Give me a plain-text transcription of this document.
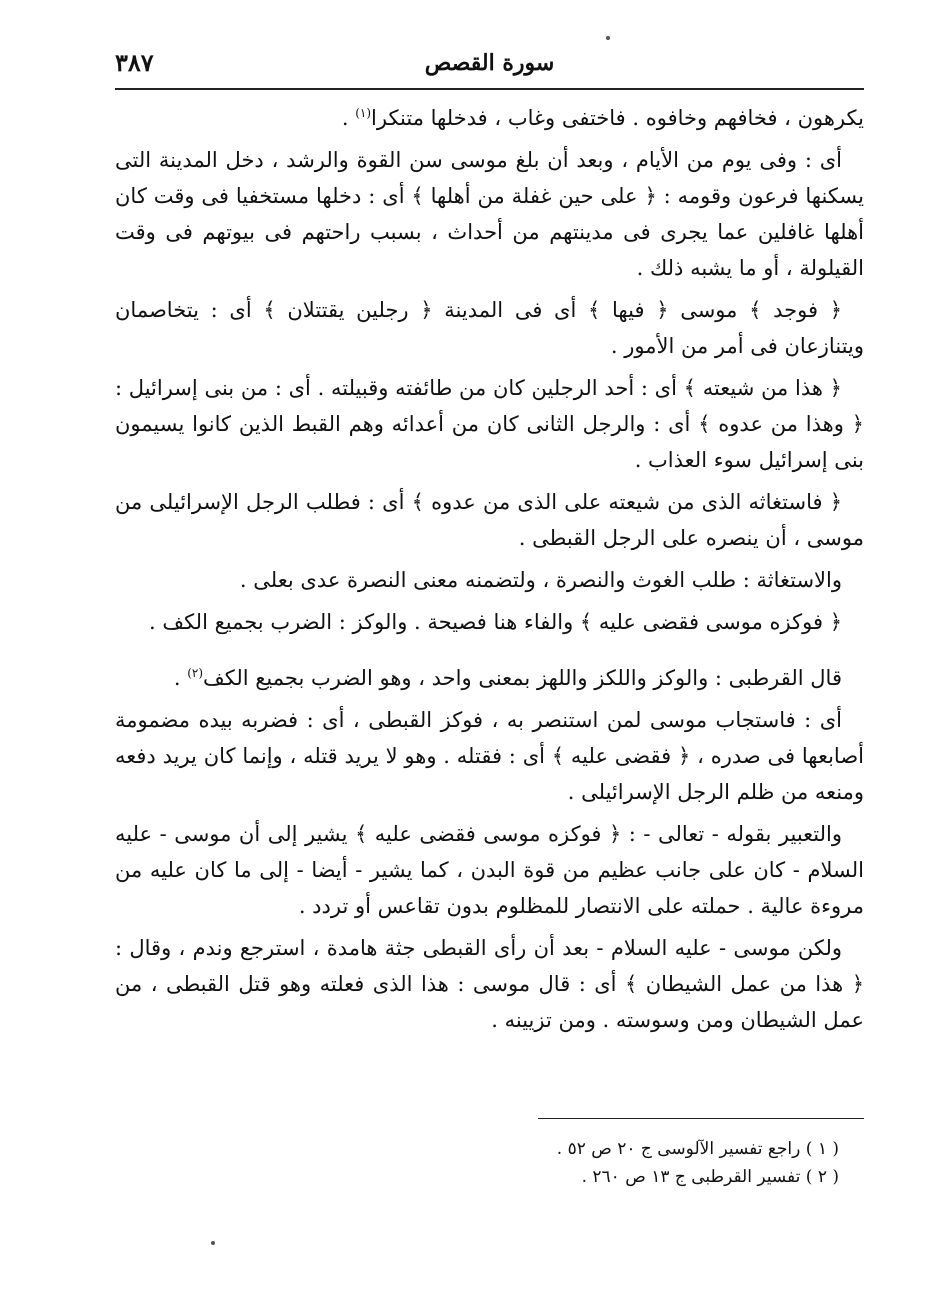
٣٨٧	سورة القصص

يكرهون ، فخافهم وخافوه . فاختفى وغاب ، فدخلها متنكرا$^{(١)}$ .

أى : وفى يوم من الأيام ، وبعد أن بلغ موسى سن القوة والرشد ، دخل المدينة التى يسكنها فرعون وقومه : ﴿ على حين غفلة من أهلها ﴾ أى : دخلها مستخفيا فى وقت كان أهلها غافلين عما يجرى فى مدينتهم من أحداث ، بسبب راحتهم فى بيوتهم فى وقت القيلولة ، أو ما يشبه ذلك .

﴿ فوجد ﴾ موسى ﴿ فيها ﴾ أى فى المدينة ﴿ رجلين يقتتلان ﴾ أى : يتخاصمان ويتنازعان فى أمر من الأمور .

﴿ هذا من شيعته ﴾ أى : أحد الرجلين كان من طائفته وقبيلته . أى : من بنى إسرائيل : ﴿ وهذا من عدوه ﴾ أى : والرجل الثانى كان من أعدائه وهم القبط الذين كانوا يسيمون بنى إسرائيل سوء العذاب .

﴿ فاستغاثه الذى من شيعته على الذى من عدوه ﴾ أى : فطلب الرجل الإسرائيلى من موسى ، أن ينصره على الرجل القبطى .

والاستغاثة : طلب الغوث والنصرة ، ولتضمنه معنى النصرة عدى بعلى .

﴿ فوكزه موسى فقضى عليه ﴾ والفاء هنا فصيحة . والوكز : الضرب بجميع الكف .

قال القرطبى : والوكز واللكز واللهز بمعنى واحد ، وهو الضرب بجميع الكف$^{(٢)}$ .

أى : فاستجاب موسى لمن استنصر به ، فوكز القبطى ، أى : فضربه بيده مضمومة أصابعها فى صدره ، ﴿ فقضى عليه ﴾ أى : فقتله . وهو لا يريد قتله ، وإنما كان يريد دفعه ومنعه من ظلم الرجل الإسرائيلى .

والتعبير بقوله - تعالى - : ﴿ فوكزه موسى فقضى عليه ﴾ يشير إلى أن موسى - عليه السلام - كان على جانب عظيم من قوة البدن ، كما يشير - أيضا - إلى ما كان عليه من مروءة عالية . حملته على الانتصار للمظلوم بدون تقاعس أو تردد .

ولكن موسى - عليه السلام - بعد أن رأى القبطى جثة هامدة ، استرجع وندم ، وقال : ﴿ هذا من عمل الشيطان ﴾ أى : قال موسى : هذا الذى فعلته وهو قتل القبطى ، من عمل الشيطان ومن وسوسته . ومن تزيينه .

( ١ ) راجع تفسير الآلوسى ج ٢٠ ص ٥٢ .
( ٢ ) تفسير القرطبى ج ١٣ ص ٢٦٠ .
